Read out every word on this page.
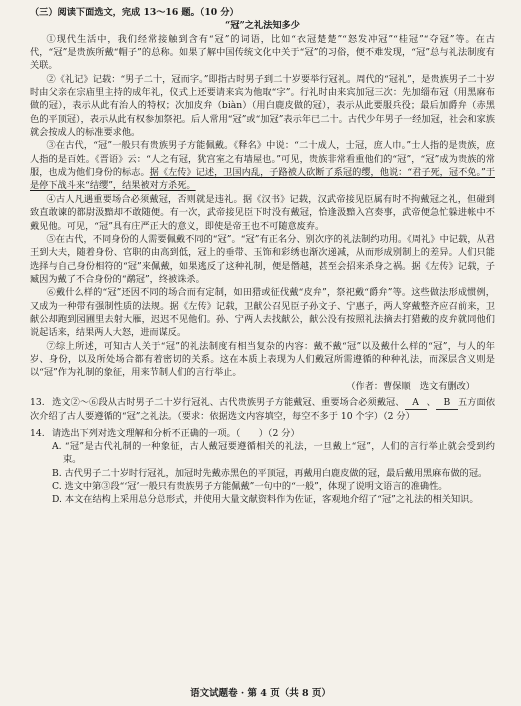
（三）阅读下面选文，完成 13～16 题。（10 分）
“冠”之礼法知多少

①现代生活中，我们经常接触到含有“冠”的词语，比如“衣冠楚楚”“怒发冲冠”“桂冠”“夺冠”等。在古代，“冠”是贵族所戴“帽子”的总称。如果了解中国传统文化中关于“冠”的习俗，便不难发现，“冠”总与礼法制度有关联。

②《礼记》记载：“男子二十，冠而字。”即指古时男子到二十岁要举行冠礼。周代的“冠礼”，是贵族男子二十岁时由父亲在宗庙里主持的成年礼，仪式上还要请来宾为他取“字”。行礼时由来宾加冠三次：先加缁布冠（用黑麻布做的冠），表示从此有治人的特权；次加皮弁（biàn）（用白鹿皮做的冠），表示从此要服兵役；最后加爵弁（赤黑色的平顶冠），表示从此有权参加祭祀。后人常用“冠”或“加冠”表示年已二十。古代少年男子一经加冠，社会和家族就会按成人的标准要求他。

③在古代，“冠”一般只有贵族男子方能佩戴。《释名》中说：“二十成人，士冠，庶人巾。”士人指的是贵族，庶人指的是百姓。《晋语》云：“人之有冠，犹宫室之有墙屋也。”可见，贵族非常看重他们的“冠”，“冠”成为贵族的常服，也成为他们身份的标志。据《左传》记述，卫国内乱，子路被人砍断了系冠的缨，他说：“君子死，冠不免。”于是停下战斗来“结缨”，结果被对方杀死。

④古人凡遇重要场合必须戴冠，否则就是违礼。据《汉书》记载，汉武帝接见臣属有时不拘戴冠之礼，但碰到致直敢谏的都尉汲黯却不敢随便。有一次，武帝接见臣下时没有戴冠，恰逢汲黯入宫奏事，武帝便急忙躲进帐中不戴见他。可见，“冠”具有庄严正大的意义，即使是帝王也不可随意废弃。

⑤在古代，不同身份的人需要佩戴不同的“冠”。“冠”有正名分、别次序的礼法制约功用。《周礼》中记载，从君王到大夫，随着身份、官职的由高到低，冠上的垂带、玉饰和彩绣也渐次递减，从而形成别制上的差异。人们只能选择与自己身份相符的“冠”来佩戴，如果逃反了这种礼制，便是僭越，甚至会招来杀身之祸。据《左传》记载，子臧因为戴了不合身份的“鹬冠”，终被诛杀。

⑥戴什么样的“冠”还因不同的场合而有定制，如田猎或征伐戴“皮弁”，祭祀戴“爵弁”等。这些做法形成惯例，又成为一种带有强制性质的法规。据《左传》记载，卫献公召见臣子孙文子、宁惠子，两人穿戴整齐应召前来，卫献公却跑到园圃里去射大雁，迟迟不见他们。孙、宁两人去找献公，献公没有按照礼法摘去打猎戴的皮弁就同他们说起话来，结果两人大怒，进而谋反。

⑦综上所述，可知古人关于“冠”的礼法制度有相当复杂的内容：戴不戴“冠”以及戴什么样的“冠”，与人的年岁、身份，以及所处场合都有着密切的关系。这在本质上表现为人们戴冠所需遵循的种种礼法，而深层含义则是以“冠”作为礼制的象征，用来节制人们的言行举止。

（作者：曹保顺　选文有删改）
13. 选文②～⑥段从古时男子二十岁行冠礼、古代贵族男子方能戴冠、重要场合必须戴冠、 A 、 B 五方面依次介绍了古人要遵循的“冠”之礼法。（要求：依据选文内容填空，每空不多于 10 个字）（2 分）
14. 请选出下列对选文理解和分析不正确的一项。（　　）（2 分）
A. “冠”是古代礼制的一种象征，古人戴冠要遵循相关的礼法，一旦戴上“冠”，人们的言行举止就会受到约束。
B. 古代男子二十岁时行冠礼，加冠时先戴赤黑色的平顶冠，再戴用白鹿皮做的冠，最后戴用黑麻布做的冠。
C. 选文中第③段“‘冠’一般只有贵族男子方能佩戴”一句中的“一般”，体现了说明文语言的准确性。
D. 本文在结构上采用总分总形式，并使用大量文献资料作为佐证，客观地介绍了“冠”之礼法的相关知识。
语文试题卷 · 第 4 页（共 8 页）
